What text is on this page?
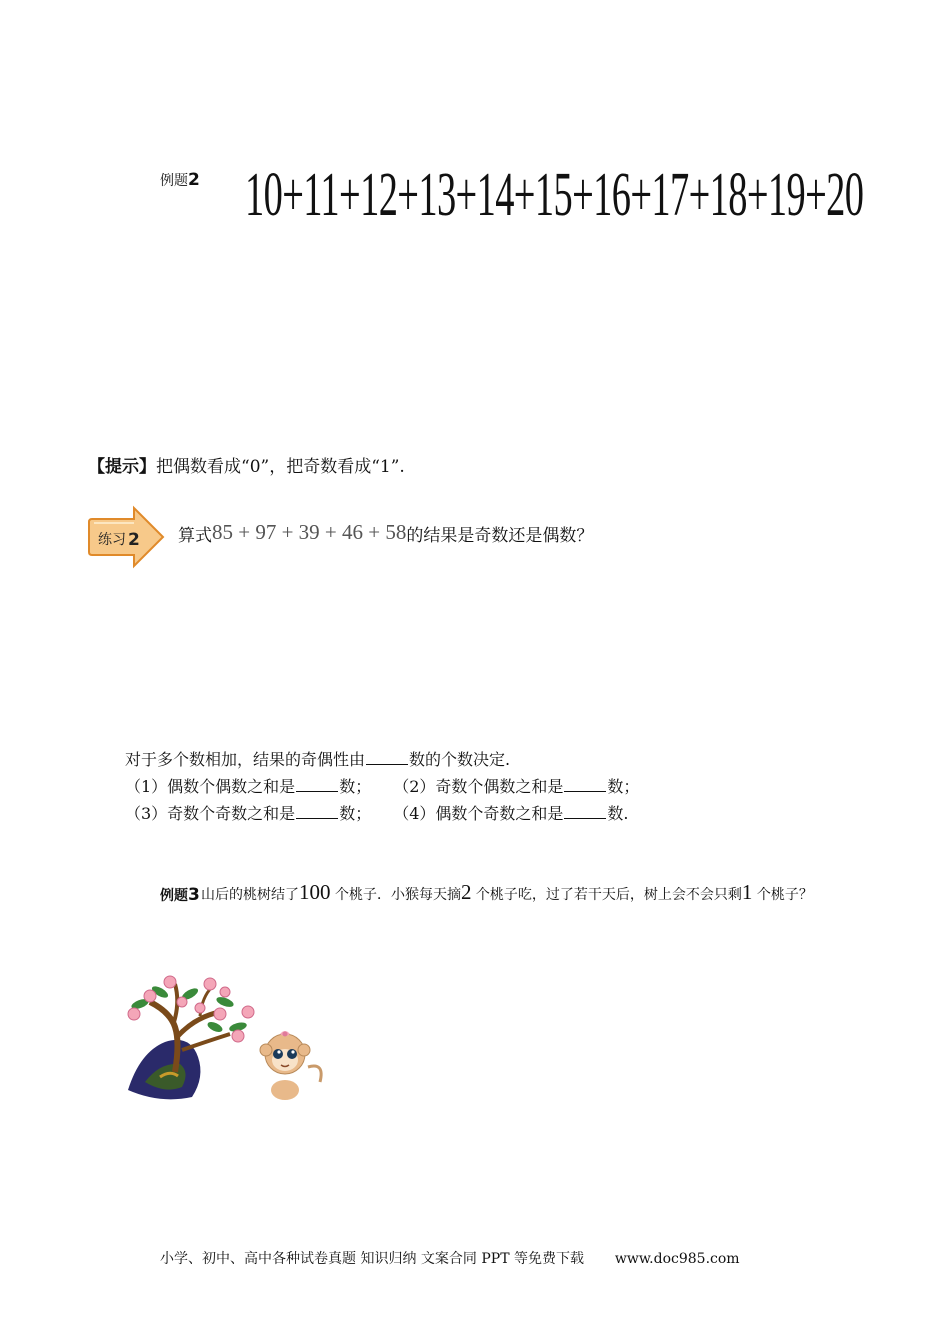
例题2 10+11+12+13+14+15+16+17+18+19+20
【提示】把偶数看成“0”，把奇数看成“1”.
练习 2 算式85 + 97 + 39 + 46 + 58的结果是奇数还是偶数？
对于多个数相加，结果的奇偶性由	数的个数决定.
（1）偶数个偶数之和是	数； （2）奇数个偶数之和是	数；
（3）奇数个奇数之和是	数； （4）偶数个奇数之和是	数.
例题3 山后的桃树结了100 个桃子．小猴每天摘2 个桃子吃，过了若干天后，树上会不会只剩1 个桃子？
小学、初中、高中各种试卷真题 知识归纳 文案合同 PPT 等免费下载 www.doc985.com
